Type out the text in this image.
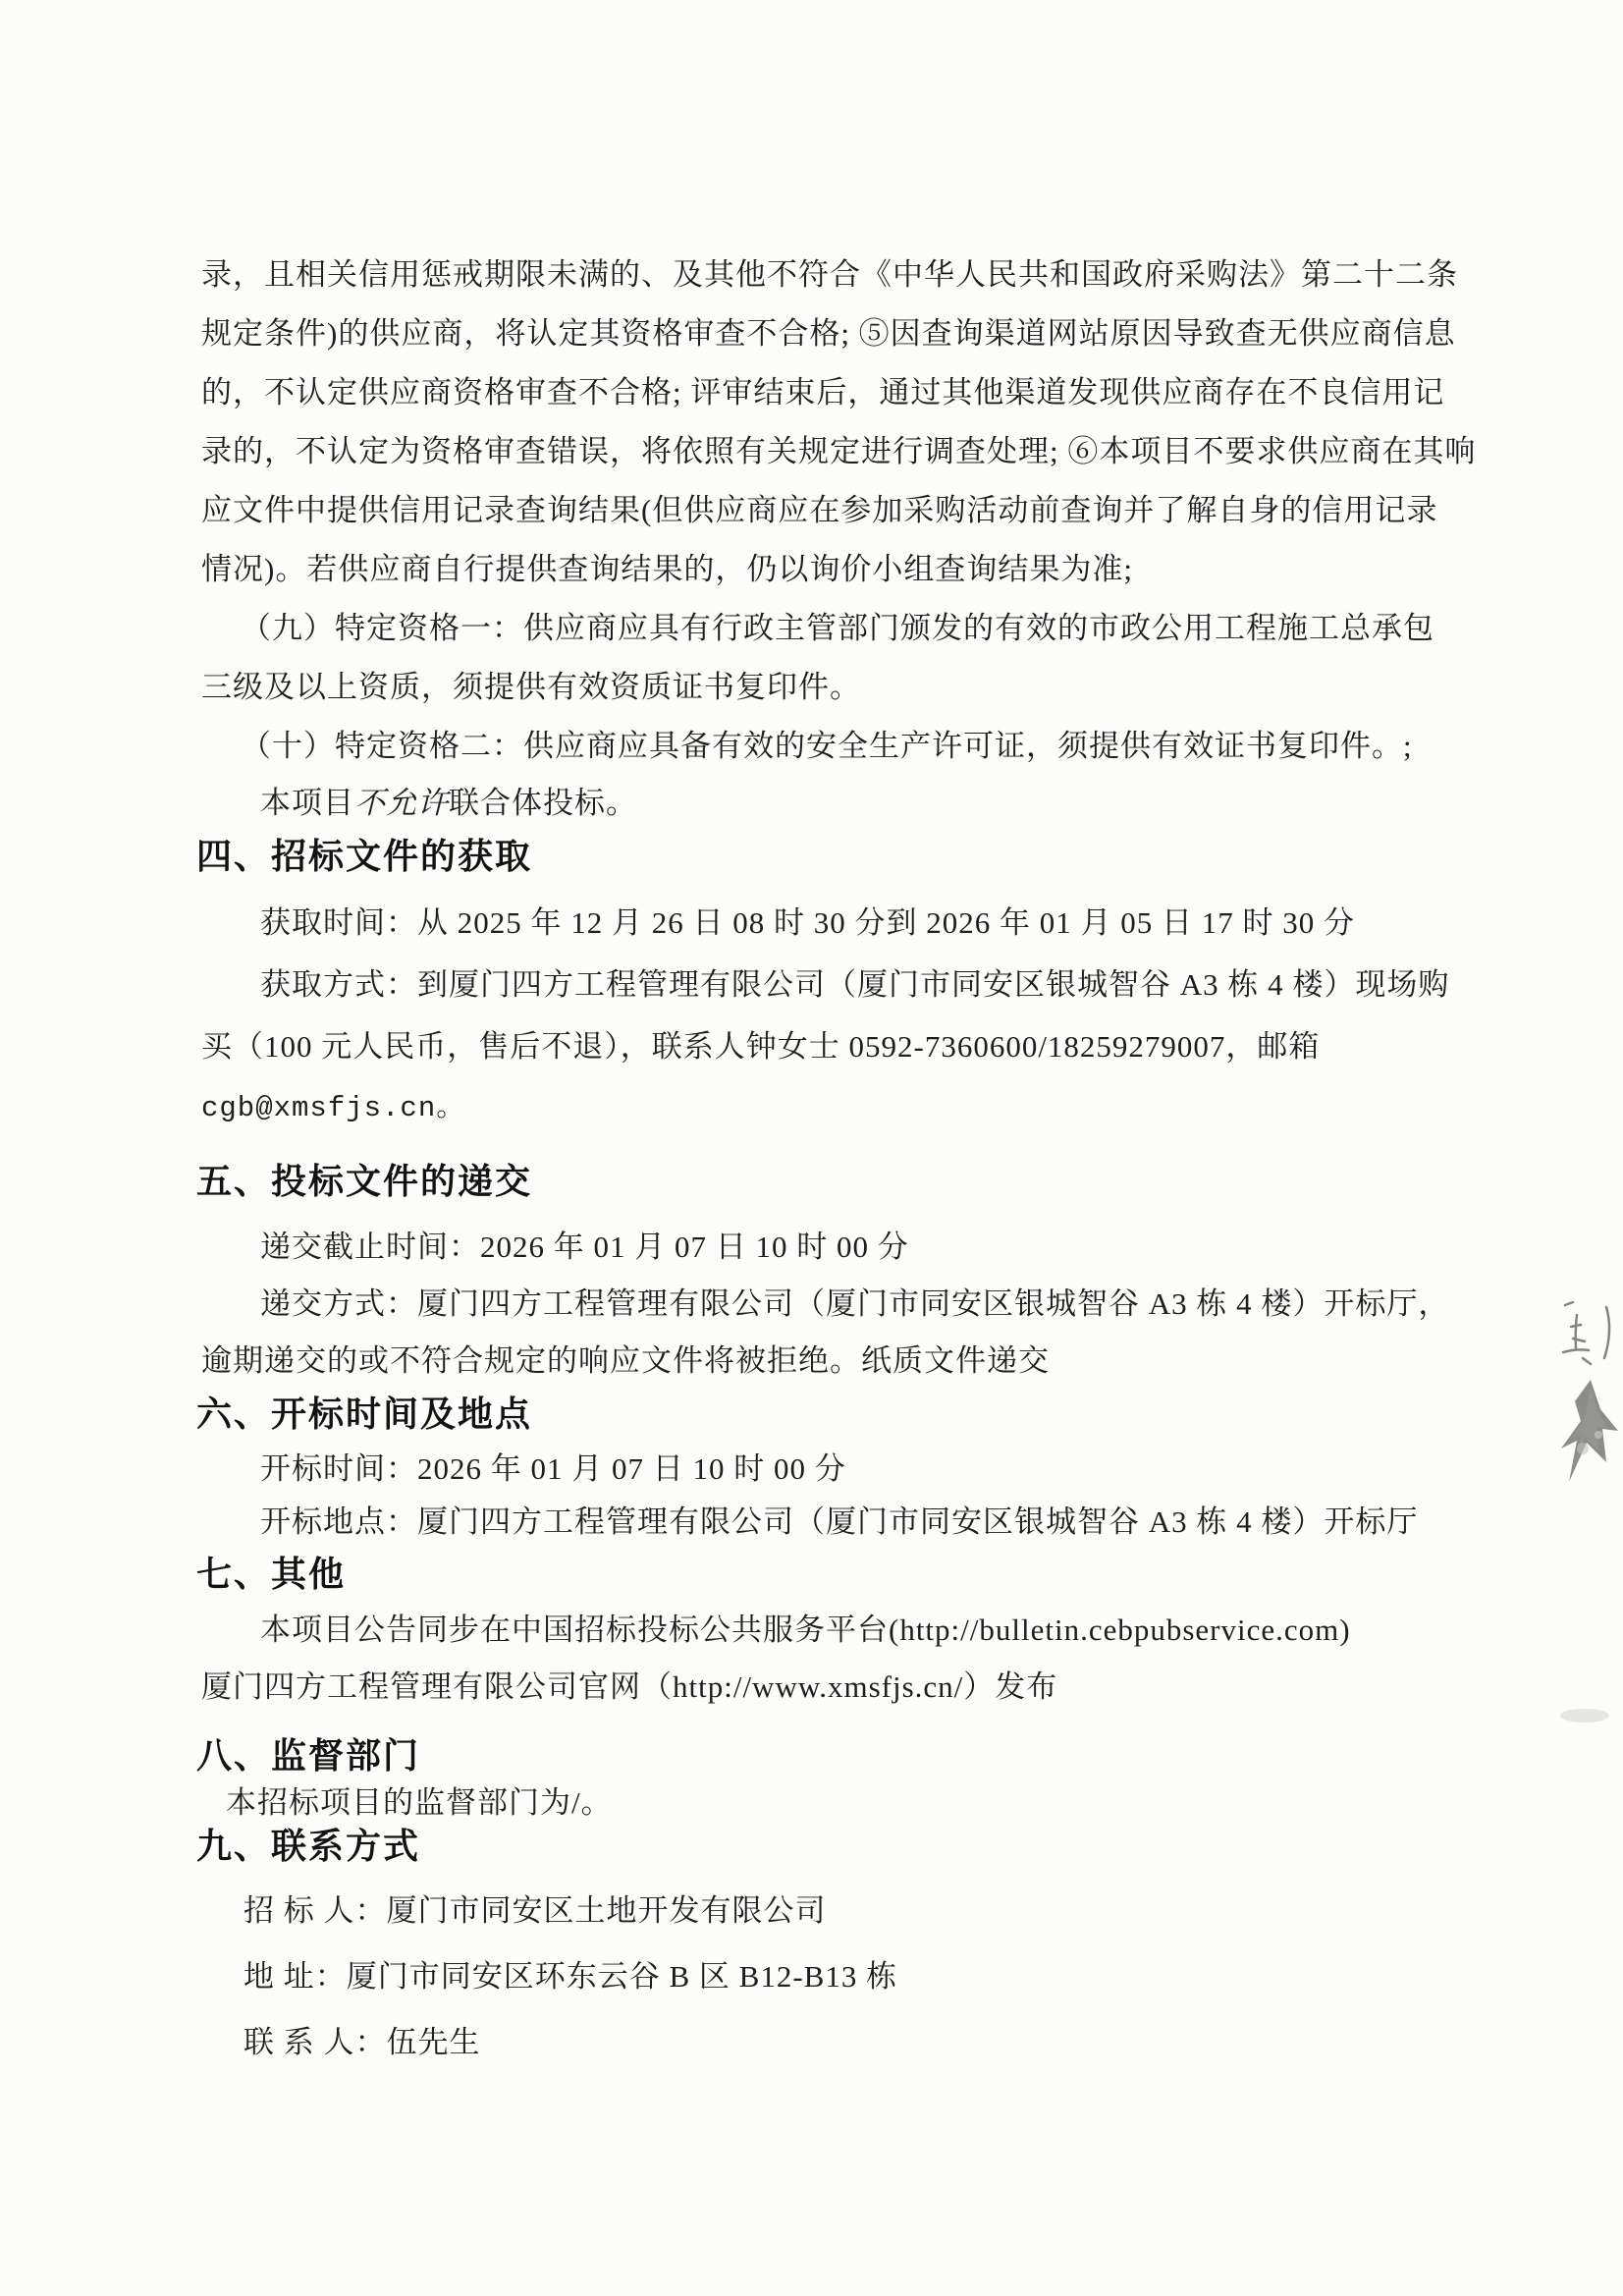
录，且相关信用惩戒期限未满的、及其他不符合《中华人民共和国政府采购法》第二十二条
规定条件)的供应商，将认定其资格审查不合格; ⑤因查询渠道网站原因导致查无供应商信息
的，不认定供应商资格审查不合格; 评审结束后，通过其他渠道发现供应商存在不良信用记
录的，不认定为资格审查错误，将依照有关规定进行调查处理; ⑥本项目不要求供应商在其响
应文件中提供信用记录查询结果(但供应商应在参加采购活动前查询并了解自身的信用记录
情况)。若供应商自行提供查询结果的，仍以询价小组查询结果为准;
（九）特定资格一：供应商应具有行政主管部门颁发的有效的市政公用工程施工总承包
三级及以上资质，须提供有效资质证书复印件。
（十）特定资格二：供应商应具备有效的安全生产许可证，须提供有效证书复印件。;
本项目不允许联合体投标。
四、招标文件的获取
获取时间：从 2025 年 12 月 26 日 08 时 30 分到 2026 年 01 月 05 日 17 时 30 分
获取方式：到厦门四方工程管理有限公司（厦门市同安区银城智谷 A3 栋 4 楼）现场购
买（100 元人民币，售后不退），联系人钟女士 0592-7360600/18259279007，邮箱
cgb@xmsfjs.cn。
五、投标文件的递交
递交截止时间：2026 年 01 月 07 日 10 时 00 分
递交方式：厦门四方工程管理有限公司（厦门市同安区银城智谷 A3 栋 4 楼）开标厅，
逾期递交的或不符合规定的响应文件将被拒绝。纸质文件递交
六、开标时间及地点
开标时间：2026 年 01 月 07 日 10 时 00 分
开标地点：厦门四方工程管理有限公司（厦门市同安区银城智谷 A3 栋 4 楼）开标厅
七、其他
本项目公告同步在中国招标投标公共服务平台(http://bulletin.cebpubservice.com)
厦门四方工程管理有限公司官网（http://www.xmsfjs.cn/）发布
八、监督部门
本招标项目的监督部门为/。
九、联系方式
招 标 人：厦门市同安区土地开发有限公司
地 址：厦门市同安区环东云谷 B 区 B12-B13 栋
联 系 人：伍先生
